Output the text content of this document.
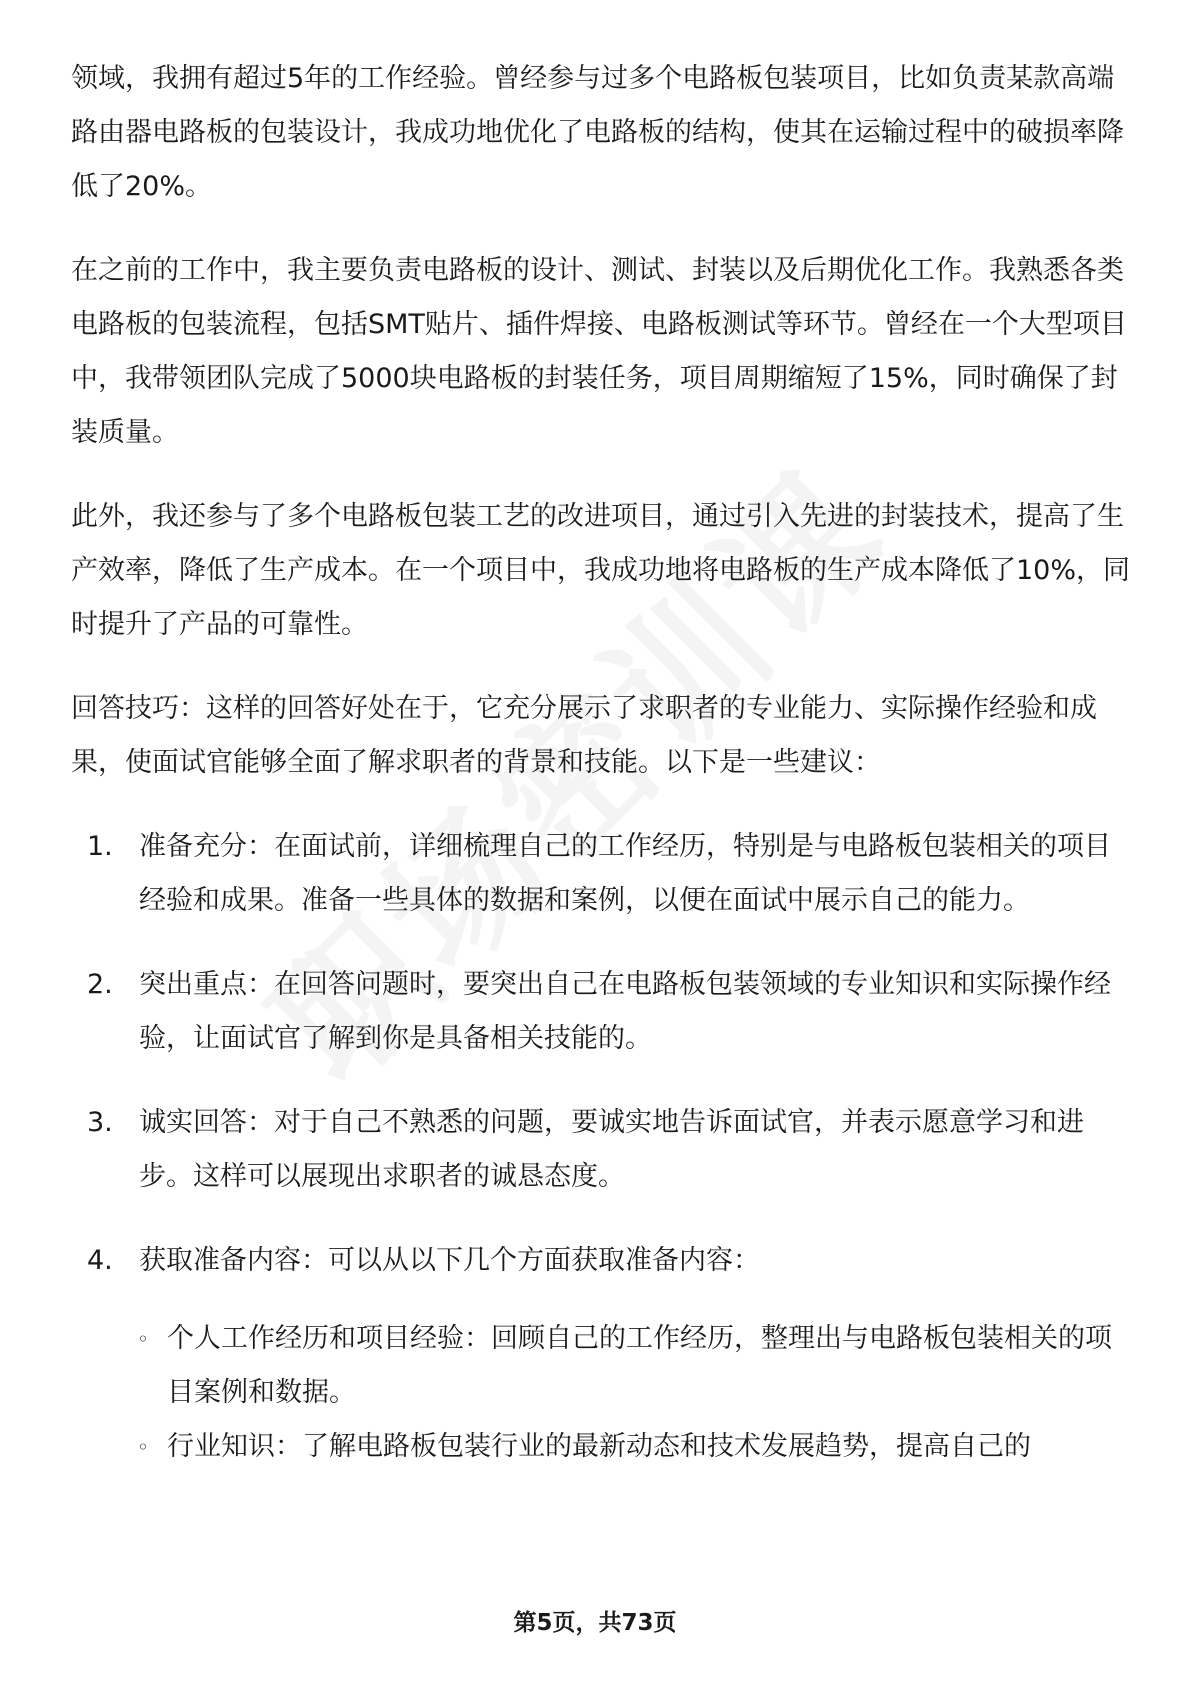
领域，我拥有超过5年的工作经验。曾经参与过多个电路板包装项目，比如负责某款高端路由器电路板的包装设计，我成功地优化了电路板的结构，使其在运输过程中的破损率降低了20%。

在之前的工作中，我主要负责电路板的设计、测试、封装以及后期优化工作。我熟悉各类电路板的包装流程，包括SMT贴片、插件焊接、电路板测试等环节。曾经在一个大型项目中，我带领团队完成了5000块电路板的封装任务，项目周期缩短了15%，同时确保了封装质量。

此外，我还参与了多个电路板包装工艺的改进项目，通过引入先进的封装技术，提高了生产效率，降低了生产成本。在一个项目中，我成功地将电路板的生产成本降低了10%，同时提升了产品的可靠性。

回答技巧：这样的回答好处在于，它充分展示了求职者的专业能力、实际操作经验和成果，使面试官能够全面了解求职者的背景和技能。以下是一些建议：

1. 准备充分：在面试前，详细梳理自己的工作经历，特别是与电路板包装相关的项目经验和成果。准备一些具体的数据和案例，以便在面试中展示自己的能力。
2. 突出重点：在回答问题时，要突出自己在电路板包装领域的专业知识和实际操作经验，让面试官了解到你是具备相关技能的。
3. 诚实回答：对于自己不熟悉的问题，要诚实地告诉面试官，并表示愿意学习和进步。这样可以展现出求职者的诚恳态度。
4. 获取准备内容：可以从以下几个方面获取准备内容：
◦ 个人工作经历和项目经验：回顾自己的工作经历，整理出与电路板包装相关的项目案例和数据。
◦ 行业知识：了解电路板包装行业的最新动态和技术发展趋势，提高自己的
第5页，共73页
